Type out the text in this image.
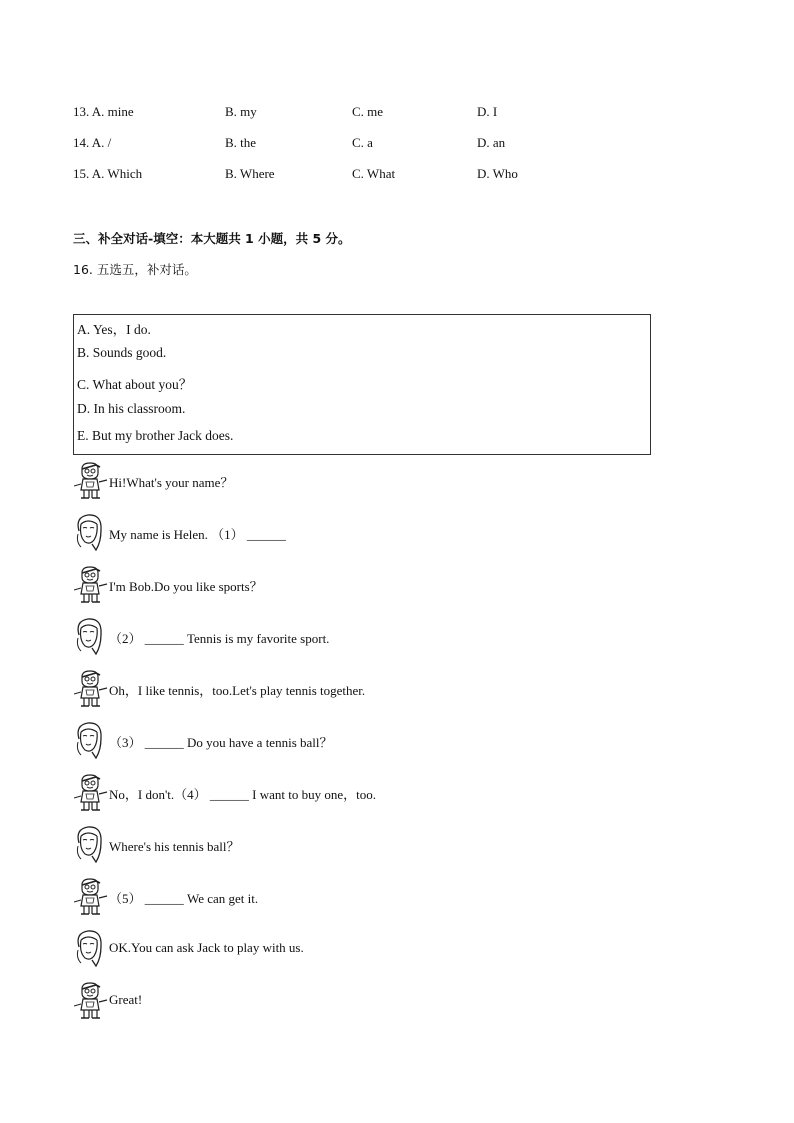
13. A. mine	B. my	C. me	D. I
14. A. /	B. the	C. a	D. an
15. A. Which	B. Where	C. What	D. Who
三、补全对话-填空：本大题共 1 小题，共 5 分。
16. 五选五，补对话。
A. Yes，I do.
B. Sounds good.
C. What about you？
D. In his classroom.
E. But my brother Jack does.
Hi!What's your name？
My name is Helen. （1） ______
I'm Bob.Do you like sports？
（2） ______ Tennis is my favorite sport.
Oh，I like tennis，too.Let's play tennis together.
（3） ______ Do you have a tennis ball？
No，I don't.（4） ______ I want to buy one，too.
Where's his tennis ball？
（5） ______ We can get it.
OK.You can ask Jack to play with us.
Great!
